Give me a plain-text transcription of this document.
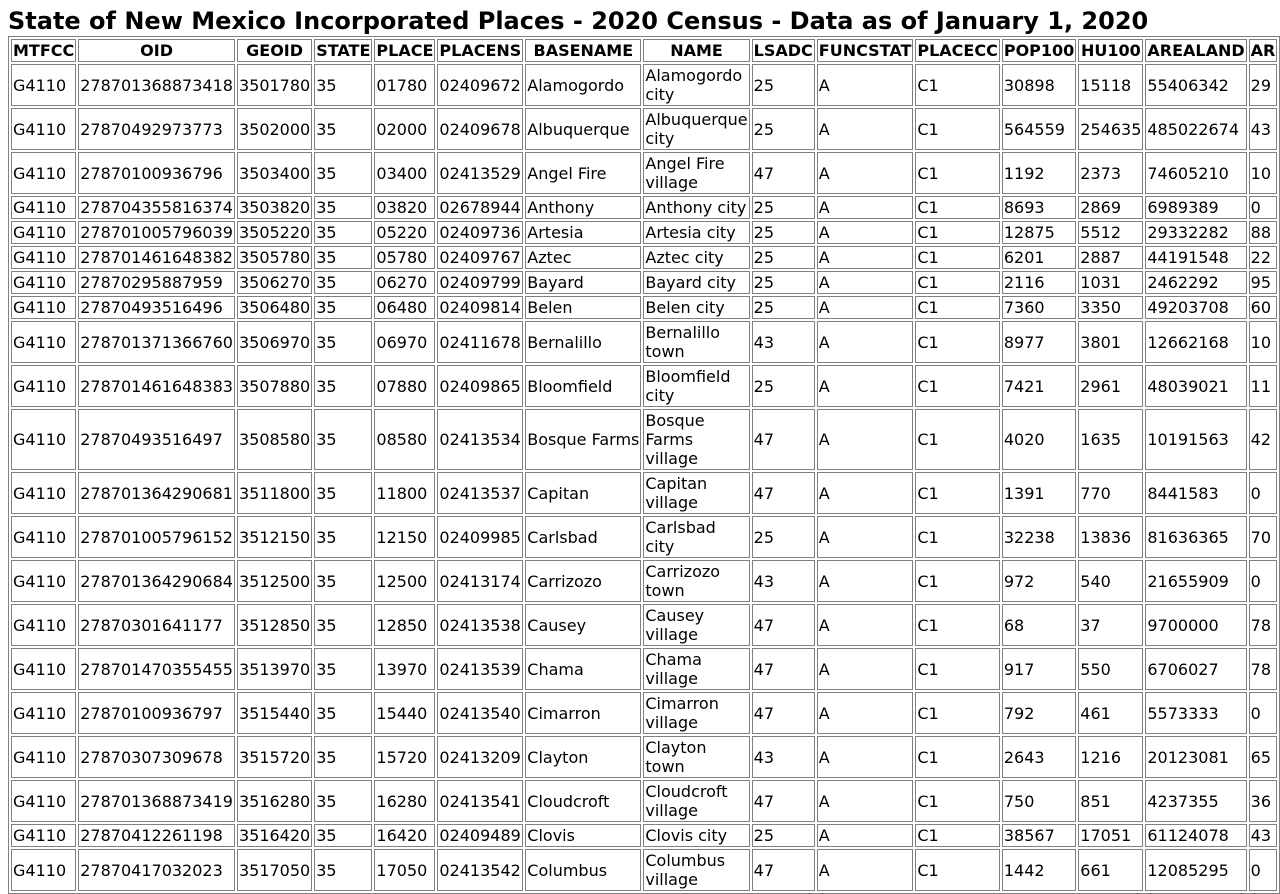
State of New Mexico Incorporated Places - 2020 Census - Data as of January 1, 2020
MTFCC	OID	GEOID	STATE	PLACE	PLACENS	BASENAME	NAME	LSADC	FUNCSTAT	PLACECC	POP100	HU100	AREALAND	AR
G4110	278701368873418	3501780	35	01780	02409672	Alamogordo	Alamogordo city	25	A	C1	30898	15118	55406342	29
G4110	27870492973773	3502000	35	02000	02409678	Albuquerque	Albuquerque city	25	A	C1	564559	254635	485022674	43
G4110	27870100936796	3503400	35	03400	02413529	Angel Fire	Angel Fire village	47	A	C1	1192	2373	74605210	10
G4110	278704355816374	3503820	35	03820	02678944	Anthony	Anthony city	25	A	C1	8693	2869	6989389	0
G4110	278701005796039	3505220	35	05220	02409736	Artesia	Artesia city	25	A	C1	12875	5512	29332282	88
G4110	278701461648382	3505780	35	05780	02409767	Aztec	Aztec city	25	A	C1	6201	2887	44191548	22
G4110	27870295887959	3506270	35	06270	02409799	Bayard	Bayard city	25	A	C1	2116	1031	2462292	95
G4110	27870493516496	3506480	35	06480	02409814	Belen	Belen city	25	A	C1	7360	3350	49203708	60
G4110	278701371366760	3506970	35	06970	02411678	Bernalillo	Bernalillo town	43	A	C1	8977	3801	12662168	10
G4110	278701461648383	3507880	35	07880	02409865	Bloomfield	Bloomfield city	25	A	C1	7421	2961	48039021	11
G4110	27870493516497	3508580	35	08580	02413534	Bosque Farms	Bosque Farms village	47	A	C1	4020	1635	10191563	42
G4110	278701364290681	3511800	35	11800	02413537	Capitan	Capitan village	47	A	C1	1391	770	8441583	0
G4110	278701005796152	3512150	35	12150	02409985	Carlsbad	Carlsbad city	25	A	C1	32238	13836	81636365	70
G4110	278701364290684	3512500	35	12500	02413174	Carrizozo	Carrizozo town	43	A	C1	972	540	21655909	0
G4110	27870301641177	3512850	35	12850	02413538	Causey	Causey village	47	A	C1	68	37	9700000	78
G4110	278701470355455	3513970	35	13970	02413539	Chama	Chama village	47	A	C1	917	550	6706027	78
G4110	27870100936797	3515440	35	15440	02413540	Cimarron	Cimarron village	47	A	C1	792	461	5573333	0
G4110	27870307309678	3515720	35	15720	02413209	Clayton	Clayton town	43	A	C1	2643	1216	20123081	65
G4110	278701368873419	3516280	35	16280	02413541	Cloudcroft	Cloudcroft village	47	A	C1	750	851	4237355	36
G4110	27870412261198	3516420	35	16420	02409489	Clovis	Clovis city	25	A	C1	38567	17051	61124078	43
G4110	27870417032023	3517050	35	17050	02413542	Columbus	Columbus village	47	A	C1	1442	661	12085295	0
